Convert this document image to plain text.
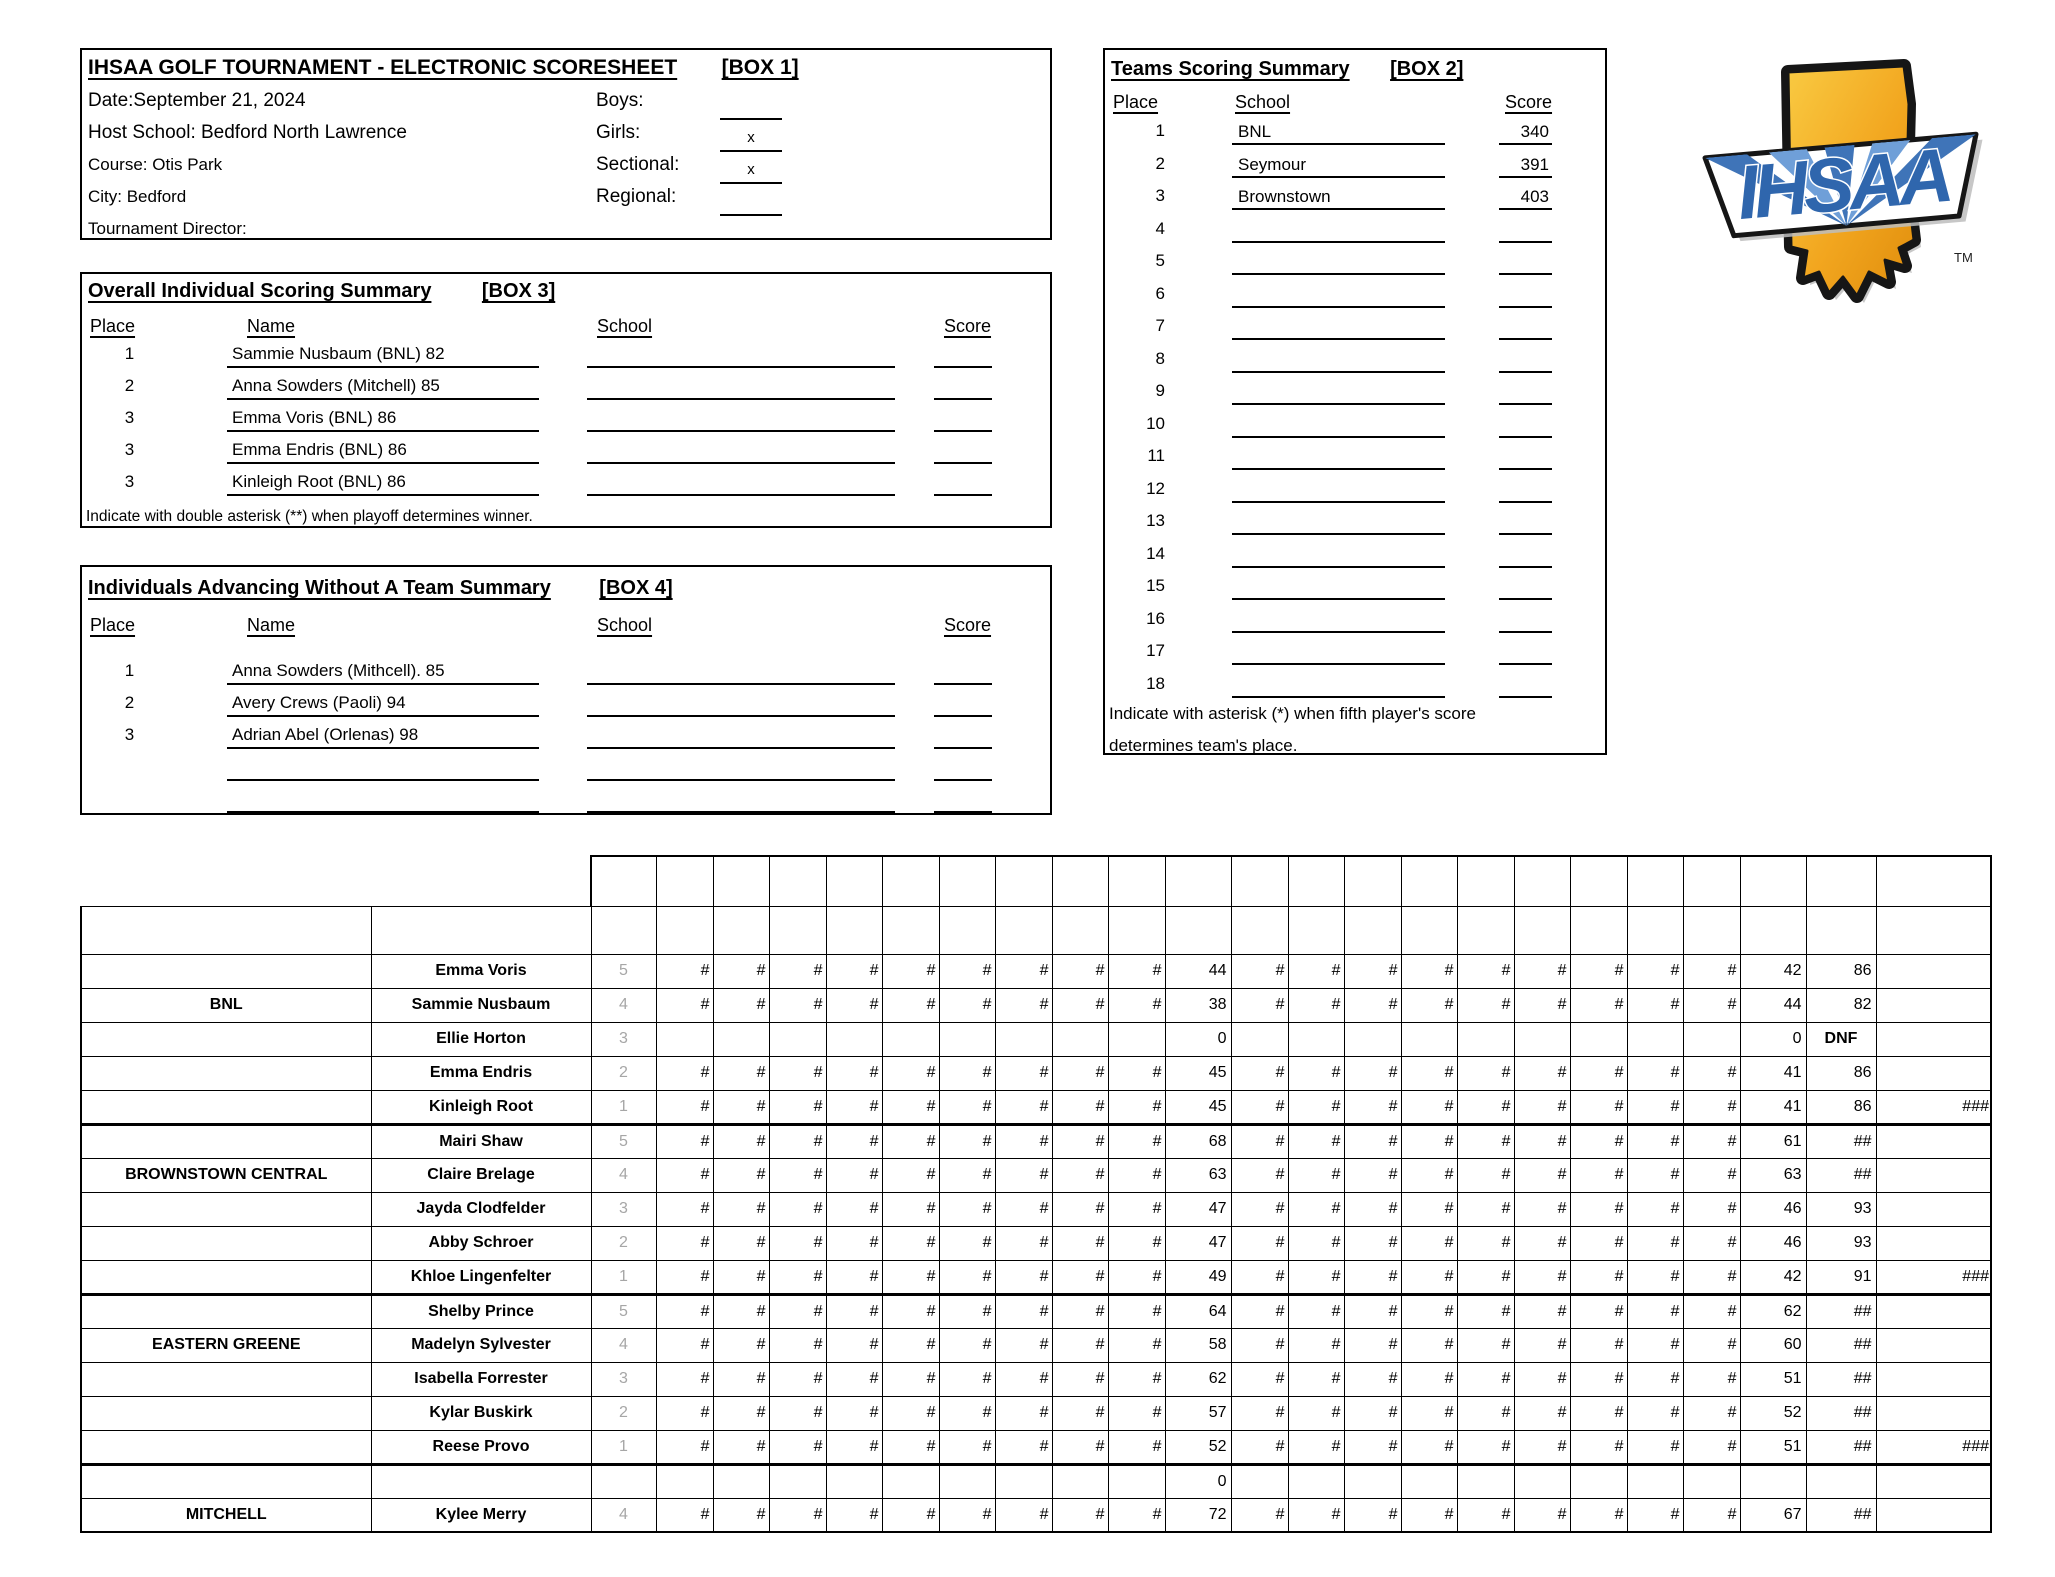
IHSAA GOLF TOURNAMENT - ELECTRONIC SCORESHEET [BOX 1]
Date:September 21, 2024
Host School: Bedford North Lawrence
Course: Otis Park
City: Bedford
Tournament Director:
Boys:
Girls:	x
Sectional:	x
Regional:
Overall Individual Scoring Summary	[BOX 3]
Place	Name	School	Score
1	Sammie Nusbaum (BNL) 82
2	Anna Sowders (Mitchell) 85
3	Emma Voris (BNL) 86
3	Emma Endris (BNL) 86
3	Kinleigh Root (BNL) 86
Indicate with double asterisk (**) when playoff determines winner.
Individuals Advancing Without A Team Summary [BOX 4]
Place	Name	School	Score
1	Anna Sowders (Mithcell). 85
2	Avery Crews (Paoli) 94
3	Adrian Abel (Orlenas) 98
Teams Scoring Summary [BOX 2]
Place	School	Score
1	BNL	340
2	Seymour	391
3	Brownstown	403
4
5
6
7
8
9
10
11
12
13
14
15
16
17
18
Indicate with asterisk (*) when fifth player's score
determines team's place.
IHSAA
TM
		Hole	1	2	3	4	5	6	7	8	9	Out	10	11	12	13	14	15	16	17	18	In	Total	Team
Score

School Name	Player Name	Par	#	#	#	#	#	#	#	#	#	##	#	#	#	#	#	#	#	#	#	##	##	
	Emma Voris	5	#	#	#	#	#	#	#	#	#	44	#	#	#	#	#	#	#	#	#	42	86	
BNL	Sammie Nusbaum	4	#	#	#	#	#	#	#	#	#	38	#	#	#	#	#	#	#	#	#	44	82	
	Ellie Horton	3										0										0	DNF	
	Emma Endris	2	#	#	#	#	#	#	#	#	#	45	#	#	#	#	#	#	#	#	#	41	86	
	Kinleigh Root	1	#	#	#	#	#	#	#	#	#	45	#	#	#	#	#	#	#	#	#	41	86	###
	Mairi Shaw	5	#	#	#	#	#	#	#	#	#	68	#	#	#	#	#	#	#	#	#	61	##	
BROWNSTOWN CENTRAL	Claire Brelage	4	#	#	#	#	#	#	#	#	#	63	#	#	#	#	#	#	#	#	#	63	##	
	Jayda Clodfelder	3	#	#	#	#	#	#	#	#	#	47	#	#	#	#	#	#	#	#	#	46	93	
	Abby Schroer	2	#	#	#	#	#	#	#	#	#	47	#	#	#	#	#	#	#	#	#	46	93	
	Khloe Lingenfelter	1	#	#	#	#	#	#	#	#	#	49	#	#	#	#	#	#	#	#	#	42	91	###
	Shelby Prince	5	#	#	#	#	#	#	#	#	#	64	#	#	#	#	#	#	#	#	#	62	##	
EASTERN GREENE	Madelyn Sylvester	4	#	#	#	#	#	#	#	#	#	58	#	#	#	#	#	#	#	#	#	60	##	
	Isabella Forrester	3	#	#	#	#	#	#	#	#	#	62	#	#	#	#	#	#	#	#	#	51	##	
	Kylar Buskirk	2	#	#	#	#	#	#	#	#	#	57	#	#	#	#	#	#	#	#	#	52	##	
	Reese Provo	1	#	#	#	#	#	#	#	#	#	52	#	#	#	#	#	#	#	#	#	51	##	###
												0												
MITCHELL	Kylee Merry	4	#	#	#	#	#	#	#	#	#	72	#	#	#	#	#	#	#	#	#	67	##	
